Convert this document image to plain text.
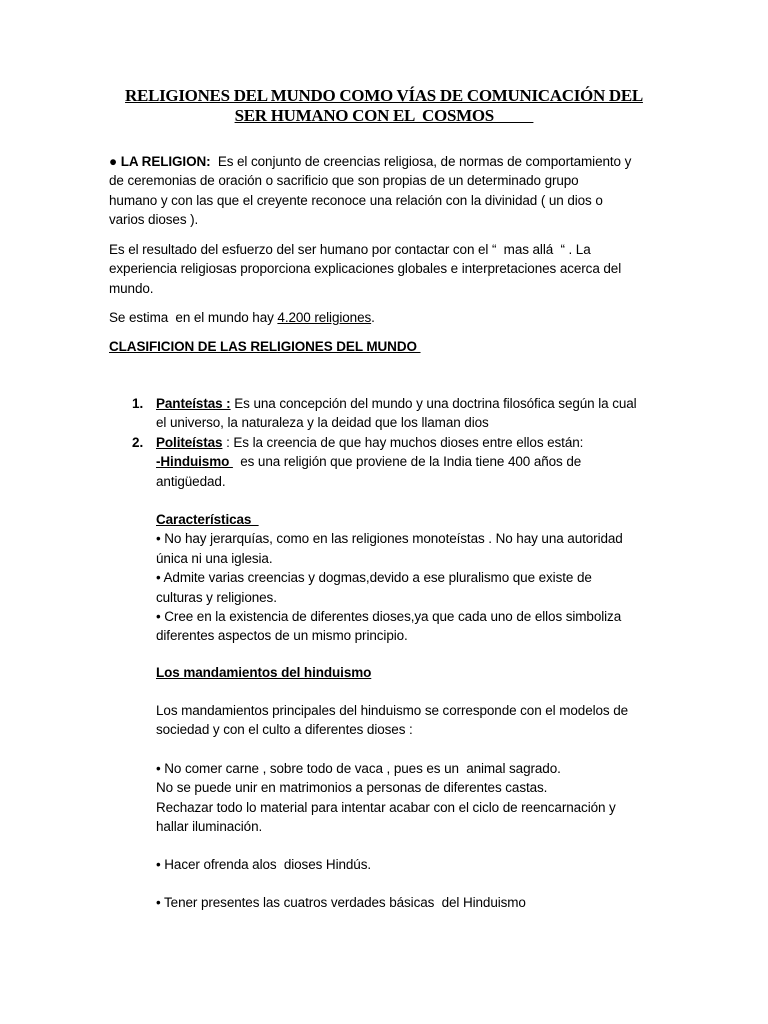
RELIGIONES DEL MUNDO COMO VÍAS DE COMUNICACIÓN DEL
SER HUMANO CON EL  COSMOS
● LA RELIGION:  Es el conjunto de creencias religiosa, de normas de comportamiento y
de ceremonias de oración o sacrificio que son propias de un determinado grupo
humano y con las que el creyente reconoce una relación con la divinidad ( un dios o
varios dioses ).
Es el resultado del esfuerzo del ser humano por contactar con el “  mas allá  “ . La
experiencia religiosas proporciona explicaciones globales e interpretaciones acerca del
mundo.
Se estima  en el mundo hay 4.200 religiones.
CLASIFICION DE LAS RELIGIONES DEL MUNDO
1. Panteístas : Es una concepción del mundo y una doctrina filosófica según la cual
el universo, la naturaleza y la deidad que los llaman dios
2. Politeístas : Es la creencia de que hay muchos dioses entre ellos están:
-Hinduismo   es una religión que proviene de la India tiene 400 años de
antigüedad.
Características
• No hay jerarquías, como en las religiones monoteístas . No hay una autoridad
única ni una iglesia.
• Admite varias creencias y dogmas,devido a ese pluralismo que existe de
culturas y religiones.
• Cree en la existencia de diferentes dioses,ya que cada uno de ellos simboliza
diferentes aspectos de un mismo principio.
Los mandamientos del hinduismo
Los mandamientos principales del hinduismo se corresponde con el modelos de
sociedad y con el culto a diferentes dioses :
• No comer carne , sobre todo de vaca , pues es un  animal sagrado.
No se puede unir en matrimonios a personas de diferentes castas.
Rechazar todo lo material para intentar acabar con el ciclo de reencarnación y
hallar iluminación.
• Hacer ofrenda alos  dioses Hindús.
• Tener presentes las cuatros verdades básicas  del Hinduismo
